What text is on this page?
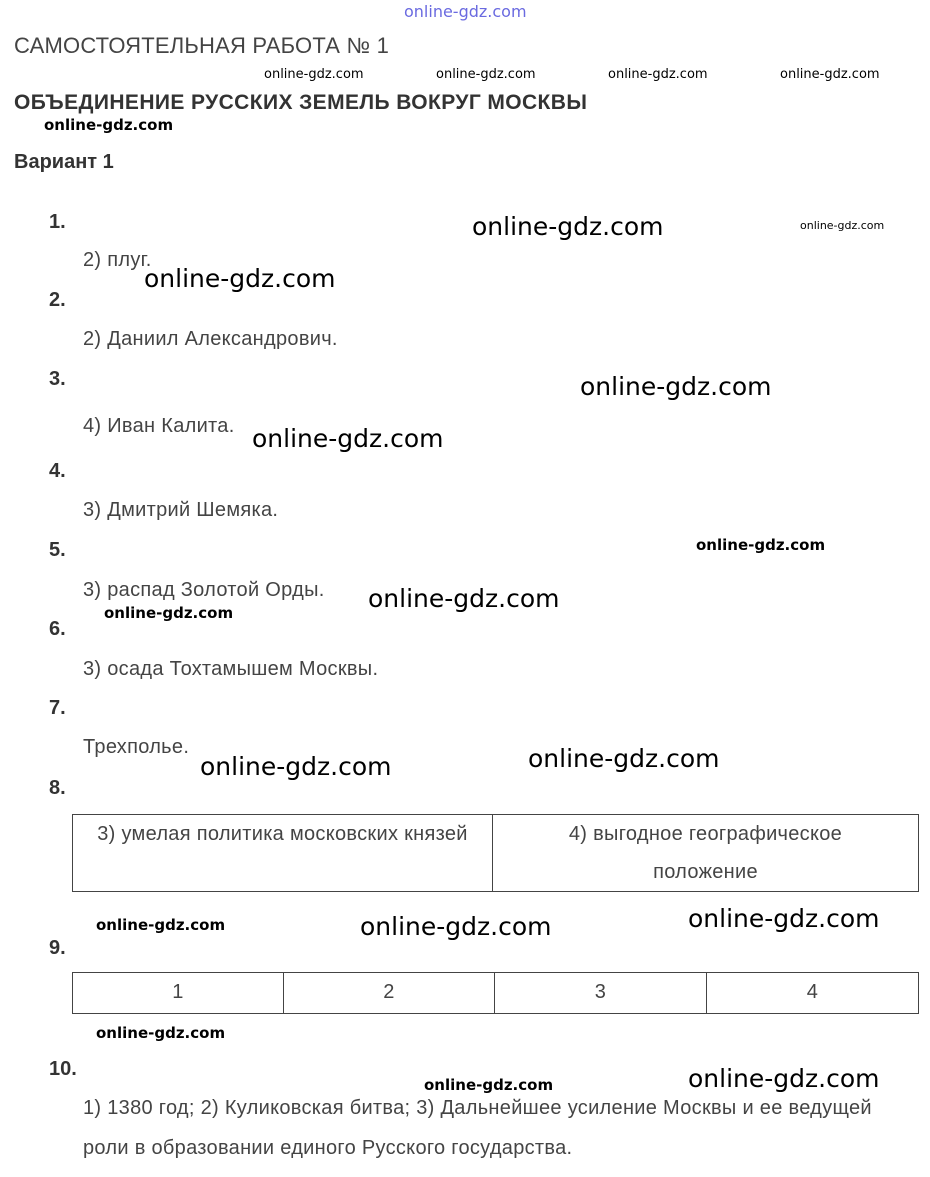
САМОСТОЯТЕЛЬНАЯ РАБОТА № 1
ОБЪЕДИНЕНИЕ РУССКИХ ЗЕМЕЛЬ ВОКРУГ МОСКВЫ
Вариант 1
1.
2) плуг.
2.
2) Даниил Александрович.
3.
4) Иван Калита.
4.
3) Дмитрий Шемяка.
5.
3) распад Золотой Орды.
6.
3) осада Тохтамышем Москвы.
7.
Трехполье.
8.
3) умелая политика московских князей	4) выгодное географическое положение
9.
1	2	3	4
10.
1) 1380 год; 2) Куликовская битва; 3) Дальнейшее усиление Москвы и ее ведущей роли в образовании единого Русского государства.
online-gdz.com
online-gdz.com	online-gdz.com	online-gdz.com	online-gdz.com
online-gdz.com
online-gdz.com	online-gdz.com
online-gdz.com
online-gdz.com
online-gdz.com
online-gdz.com
online-gdz.com
online-gdz.com
online-gdz.com
online-gdz.com
online-gdz.com
online-gdz.com	online-gdz.com
online-gdz.com
online-gdz.com
online-gdz.com
